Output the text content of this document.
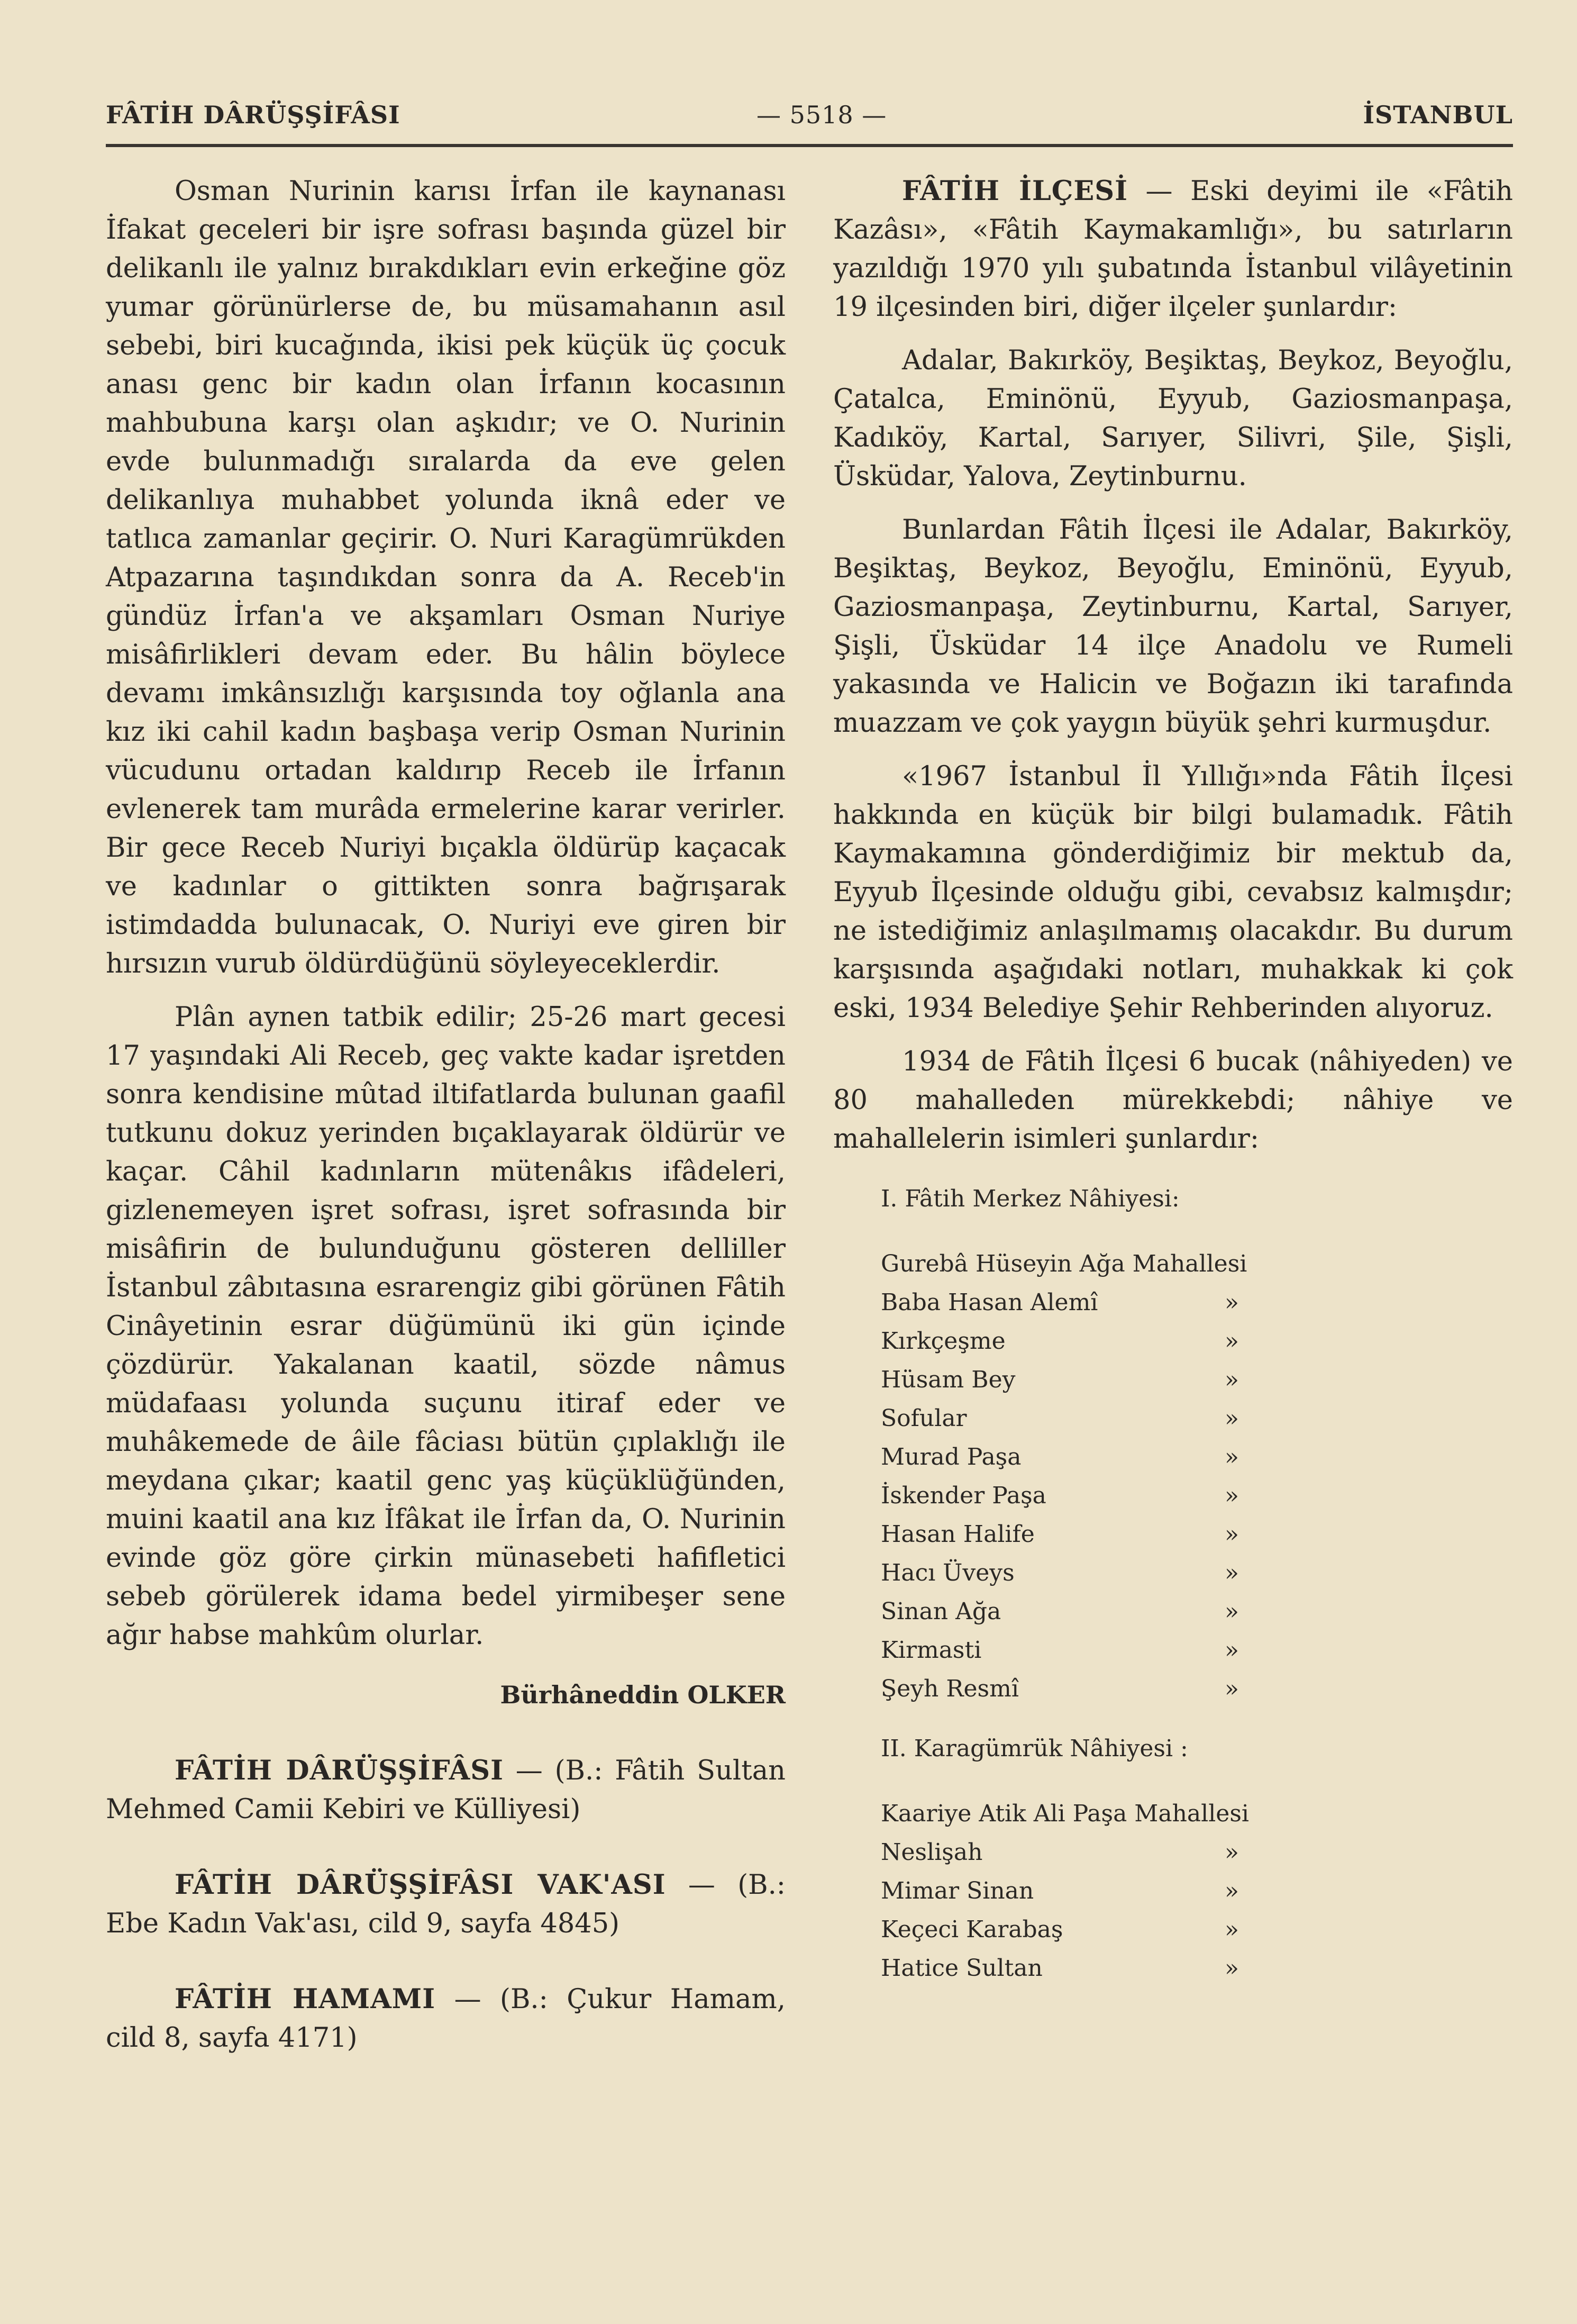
FÂTİH DÂRÜŞŞİFÂSI	— 5518 —	İSTANBUL

Osman Nurinin karısı İrfan ile kaynanası İfakat geceleri bir işre sofrası başında güzel bir delikanlı ile yalnız bırakdıkları evin erkeğine göz yumar görünürlerse de, bu müsamahanın asıl sebebi, biri kucağında, ikisi pek küçük üç çocuk anası genc bir kadın olan İrfanın kocasının mahbubuna karşı olan aşkıdır; ve O. Nurinin evde bulunmadığı sıralarda da eve gelen delikanlıya muhabbet yolunda iknâ eder ve tatlıca zamanlar geçirir. O. Nuri Karagümrükden Atpazarına taşındıkdan sonra da A. Receb'in gündüz İrfan'a ve akşamları Osman Nuriye misâfirlikleri devam eder. Bu hâlin böylece devamı imkânsızlığı karşısında toy oğlanla ana kız iki cahil kadın başbaşa verip Osman Nurinin vücudunu ortadan kaldırıp Receb ile İrfanın evlenerek tam murâda ermelerine karar verirler. Bir gece Receb Nuriyi bıçakla öldürüp kaçacak ve kadınlar o gittikten sonra bağrışarak istimdadda bulunacak, O. Nuriyi eve giren bir hırsızın vurub öldürdüğünü söyleyeceklerdir.

Plân aynen tatbik edilir; 25-26 mart gecesi 17 yaşındaki Ali Receb, geç vakte kadar işretden sonra kendisine mûtad iltifatlarda bulunan gaafil tutkunu dokuz yerinden bıçaklayarak öldürür ve kaçar. Câhil kadınların mütenâkıs ifâdeleri, gizlenemeyen işret sofrası, işret sofrasında bir misâfirin de bulunduğunu gösteren delliller İstanbul zâbıtasına esrarengiz gibi görünen Fâtih Cinâyetinin esrar düğümünü iki gün içinde çözdürür. Yakalanan kaatil, sözde nâmus müdafaası yolunda suçunu itiraf eder ve muhâkemede de âile fâciası bütün çıplaklığı ile meydana çıkar; kaatil genc yaş küçüklüğünden, muini kaatil ana kız İfâkat ile İrfan da, O. Nurinin evinde göz göre çirkin münasebeti hafifletici sebeb görülerek idama bedel yirmibeşer sene ağır habse mahkûm olurlar.

Bürhâneddin OLKER

FÂTİH DÂRÜŞŞİFÂSI — (B.: Fâtih Sultan Mehmed Camii Kebiri ve Külliyesi)

FÂTİH DÂRÜŞŞİFÂSI VAK'ASI — (B.: Ebe Kadın Vak'ası, cild 9, sayfa 4845)

FÂTİH HAMAMI — (B.: Çukur Hamam, cild 8, sayfa 4171)

FÂTİH İLÇESİ — Eski deyimi ile «Fâtih Kazâsı», «Fâtih Kaymakamlığı», bu satırların yazıldığı 1970 yılı şubatında İstanbul vilâyetinin 19 ilçesinden biri, diğer ilçeler şunlardır:

Adalar, Bakırköy, Beşiktaş, Beykoz, Beyoğlu, Çatalca, Eminönü, Eyyub, Gaziosmanpaşa, Kadıköy, Kartal, Sarıyer, Silivri, Şile, Şişli, Üsküdar, Yalova, Zeytinburnu.

Bunlardan Fâtih İlçesi ile Adalar, Bakırköy, Beşiktaş, Beykoz, Beyoğlu, Eminönü, Eyyub, Gaziosmanpaşa, Zeytinburnu, Kartal, Sarıyer, Şişli, Üsküdar 14 ilçe Anadolu ve Rumeli yakasında ve Halicin ve Boğazın iki tarafında muazzam ve çok yaygın büyük şehri kurmuşdur.

«1967 İstanbul İl Yıllığı»nda Fâtih İlçesi hakkında en küçük bir bilgi bulamadık. Fâtih Kaymakamına gönderdiğimiz bir mektub da, Eyyub İlçesinde olduğu gibi, cevabsız kalmışdır; ne istediğimiz anlaşılmamış olacakdır. Bu durum karşısında aşağıdaki notları, muhakkak ki çok eski, 1934 Belediye Şehir Rehberinden alıyoruz.

1934 de Fâtih İlçesi 6 bucak (nâhiyeden) ve 80 mahalleden mürekkebdi; nâhiye ve mahallelerin isimleri şunlardır:

I. Fâtih Merkez Nâhiyesi:
Gurebâ Hüseyin Ağa Mahallesi
Baba Hasan Alemî	»
Kırkçeşme	»
Hüsam Bey	»
Sofular	»
Murad Paşa	»
İskender Paşa	»
Hasan Halife	»
Hacı Üveys	»
Sinan Ağa	»
Kirmasti	»
Şeyh Resmî	»
II. Karagümrük Nâhiyesi :
Kaariye Atik Ali Paşa Mahallesi
Neslişah	»
Mimar Sinan	»
Keçeci Karabaş	»
Hatice Sultan	»
